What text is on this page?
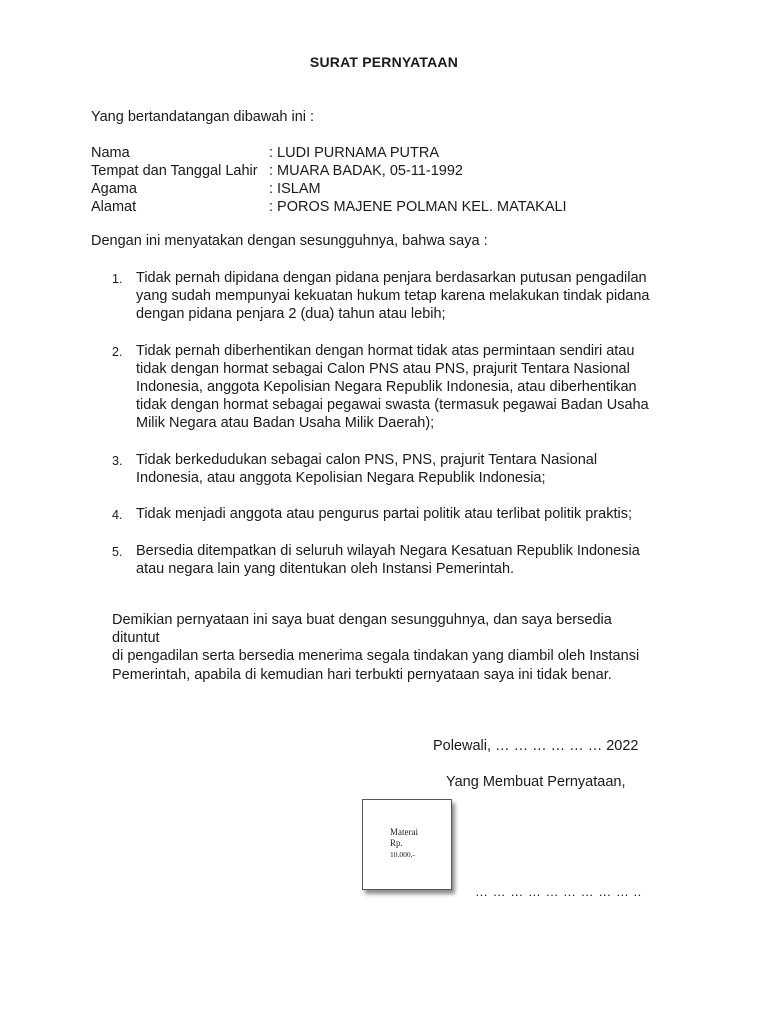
SURAT PERNYATAAN
Yang bertandatangan dibawah ini :
Nama	: LUDI PURNAMA PUTRA
Tempat dan Tanggal Lahir : MUARA BADAK, 05-11-1992
Agama	: ISLAM
Alamat	: POROS MAJENE POLMAN KEL. MATAKALI
Dengan ini menyatakan dengan sesungguhnya, bahwa saya :
1. Tidak pernah dipidana dengan pidana penjara berdasarkan putusan pengadilan
yang sudah mempunyai kekuatan hukum tetap karena melakukan tindak pidana
dengan pidana penjara 2 (dua) tahun atau lebih;
2. Tidak pernah diberhentikan dengan hormat tidak atas permintaan sendiri atau
tidak dengan hormat sebagai Calon PNS atau PNS, prajurit Tentara Nasional
Indonesia, anggota Kepolisian Negara Republik Indonesia, atau diberhentikan
tidak dengan hormat sebagai pegawai swasta (termasuk pegawai Badan Usaha
Milik Negara atau Badan Usaha Milik Daerah);
3. Tidak berkedudukan sebagai calon PNS, PNS, prajurit Tentara Nasional
Indonesia, atau anggota Kepolisian Negara Republik Indonesia;
4. Tidak menjadi anggota atau pengurus partai politik atau terlibat politik praktis;
5. Bersedia ditempatkan di seluruh wilayah Negara Kesatuan Republik Indonesia
atau negara lain yang ditentukan oleh Instansi Pemerintah.
Demikian pernyataan ini saya buat dengan sesungguhnya, dan saya bersedia
dituntut
di pengadilan serta bersedia menerima segala tindakan yang diambil oleh Instansi
Pemerintah, apabila di kemudian hari terbukti pernyataan saya ini tidak benar.
Polewali, … … … … … … 2022
Yang Membuat Pernyataan,
Materai
Rp.
10.000,-
… … … … … … … … … ..
